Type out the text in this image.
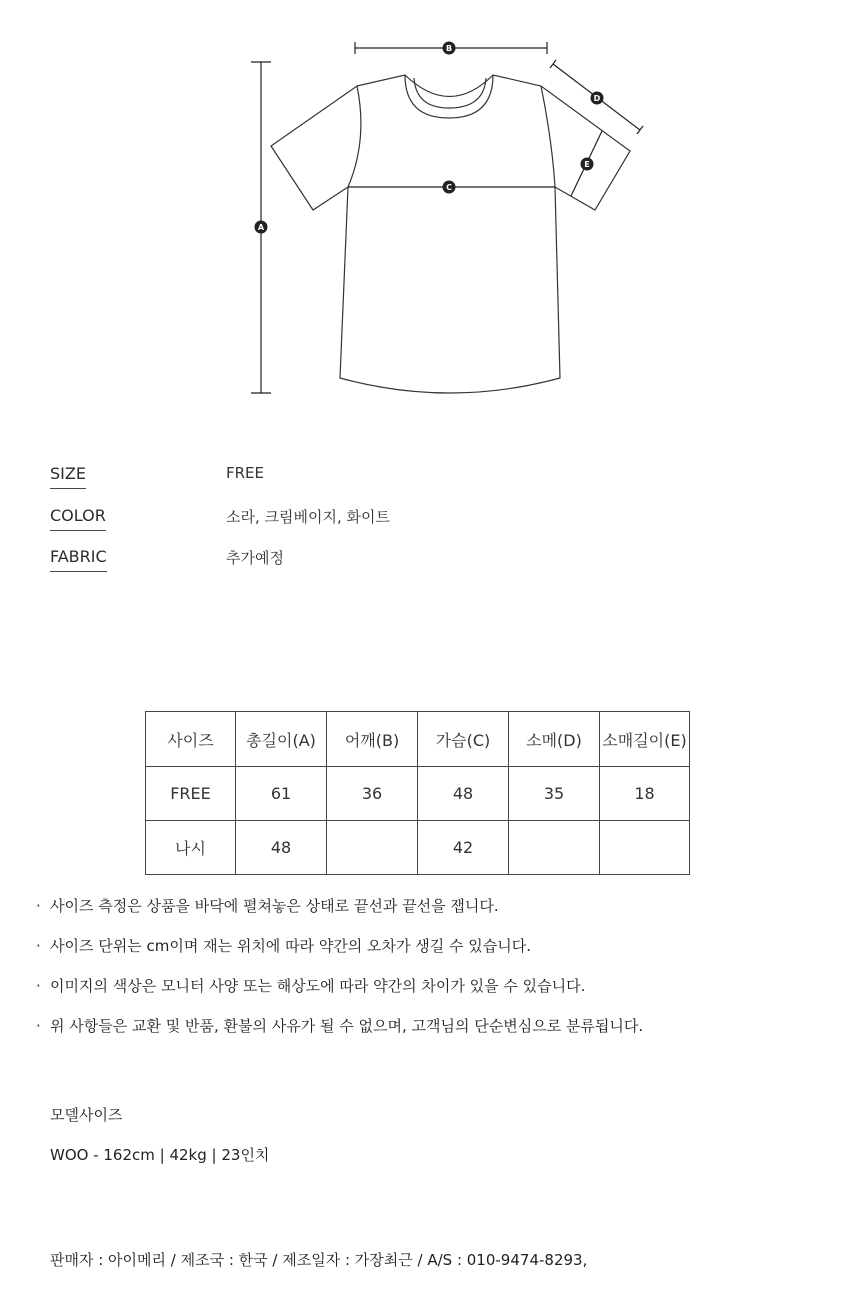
A
B
C
D
E
SIZE	FREE
COLOR	소라, 크림베이지, 화이트
FABRIC	추가예정
사이즈	총길이(A)	어깨(B)	가슴(C)	소메(D)	소매길이(E)
FREE	61	36	48	35	18
나시	48		42		
· 사이즈 측정은 상품을 바닥에 펼쳐놓은 상태로 끝선과 끝선을 잽니다.
· 사이즈 단위는 cm이며 재는 위치에 따라 약간의 오차가 생길 수 있습니다.
· 이미지의 색상은 모니터 사양 또는 해상도에 따라 약간의 차이가 있을 수 있습니다.
· 위 사항들은 교환 및 반품, 환불의 사유가 될 수 없으며, 고객님의 단순변심으로 분류됩니다.
모델사이즈
WOO - 162cm | 42kg | 23인치
판매자 : 아이메리 / 제조국 : 한국 / 제조일자 : 가장최근 / A/S : 010-9474-8293,
